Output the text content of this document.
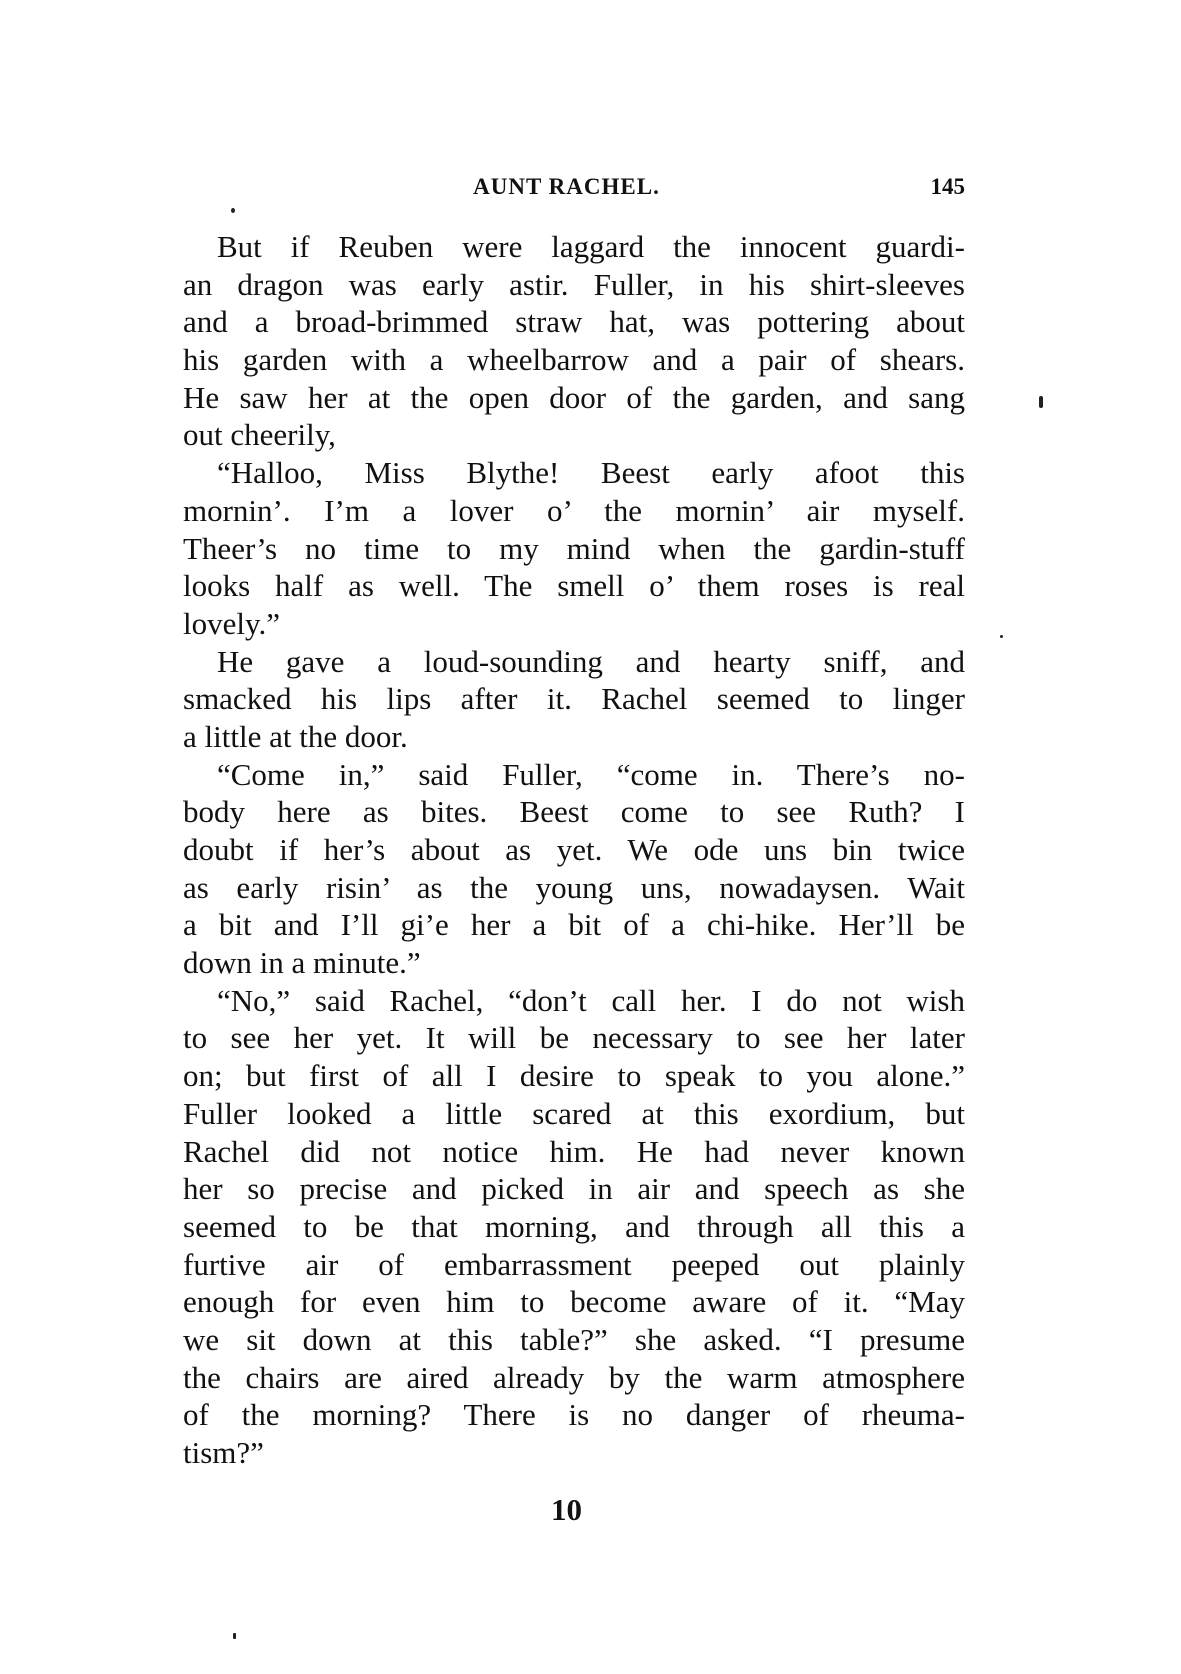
AUNT RACHEL.	145
But if Reuben were laggard the innocent guardi-
an dragon was early astir. Fuller, in his shirt-sleeves
and a broad-brimmed straw hat, was pottering about
his garden with a wheelbarrow and a pair of shears.
He saw her at the open door of the garden, and sang
out cheerily,
“Halloo, Miss Blythe! Beest early afoot this
mornin’. I’m a lover o’ the mornin’ air myself.
Theer’s no time to my mind when the gardin-stuff
looks half as well. The smell o’ them roses is real
lovely.”
He gave a loud-sounding and hearty sniff, and
smacked his lips after it. Rachel seemed to linger
a little at the door.
“Come in,” said Fuller, “come in. There’s no-
body here as bites. Beest come to see Ruth? I
doubt if her’s about as yet. We ode uns bin twice
as early risin’ as the young uns, nowadaysen. Wait
a bit and I’ll gi’e her a bit of a chi-hike. Her’ll be
down in a minute.”
“No,” said Rachel, “don’t call her. I do not wish
to see her yet. It will be necessary to see her later
on; but first of all I desire to speak to you alone.”
Fuller looked a little scared at this exordium, but
Rachel did not notice him. He had never known
her so precise and picked in air and speech as she
seemed to be that morning, and through all this a
furtive air of embarrassment peeped out plainly
enough for even him to become aware of it. “May
we sit down at this table?” she asked. “I presume
the chairs are aired already by the warm atmosphere
of the morning? There is no danger of rheuma-
tism?”
10
